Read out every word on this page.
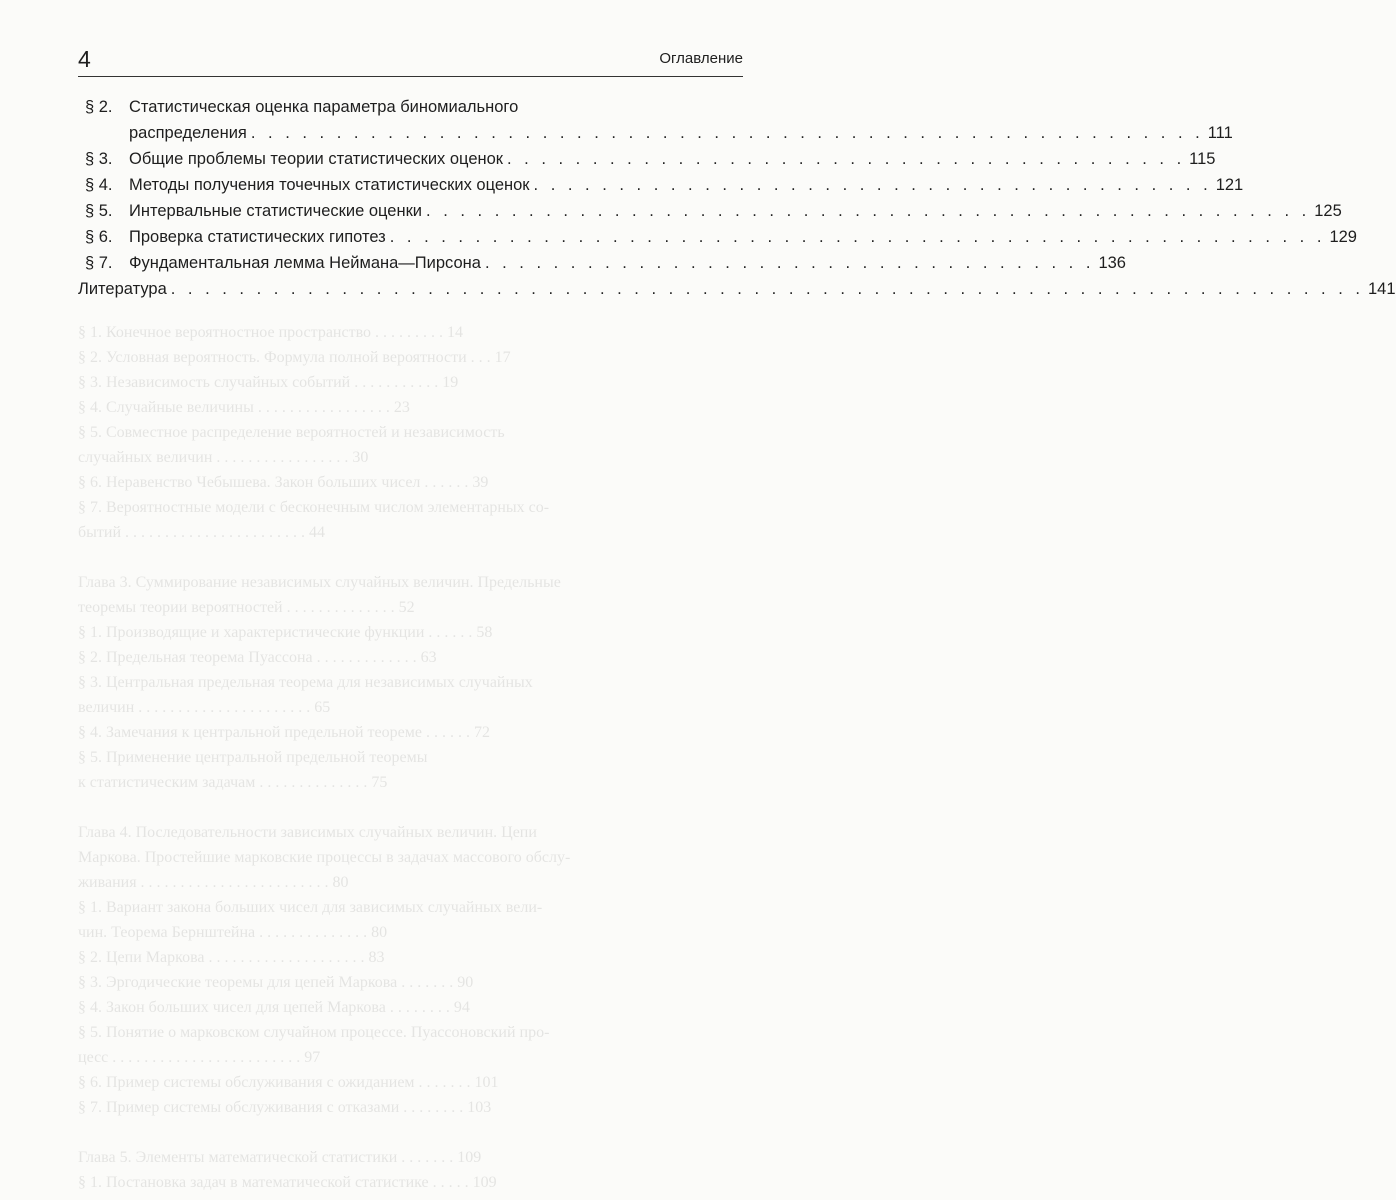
4	Оглавление
§ 1. Конечное вероятностное пространство . . . . . . . . . 14
§ 2. Условная вероятность. Формула полной вероятности . . . 17
§ 3. Независимость случайных событий . . . . . . . . . . . 19
§ 4. Случайные величины . . . . . . . . . . . . . . . . . 23
§ 5. Совместное распределение вероятностей и независимость
случайных величин . . . . . . . . . . . . . . . . . 30
§ 6. Неравенство Чебышева. Закон больших чисел . . . . . . 39
§ 7. Вероятностные модели с бесконечным числом элементарных со-
бытий . . . . . . . . . . . . . . . . . . . . . . . 44

Глава 3. Суммирование независимых случайных величин. Предельные
теоремы теории вероятностей . . . . . . . . . . . . . . 52
§ 1. Производящие и характеристические функции . . . . . . 58
§ 2. Предельная теорема Пуассона . . . . . . . . . . . . . 63
§ 3. Центральная предельная теорема для независимых случайных
величин . . . . . . . . . . . . . . . . . . . . . . 65
§ 4. Замечания к центральной предельной теореме . . . . . . 72
§ 5. Применение центральной предельной теоремы
к статистическим задачам . . . . . . . . . . . . . . 75

Глава 4. Последовательности зависимых случайных величин. Цепи
Маркова. Простейшие марковские процессы в задачах массового обслу-
живания . . . . . . . . . . . . . . . . . . . . . . . . 80
§ 1. Вариант закона больших чисел для зависимых случайных вели-
чин. Теорема Бернштейна . . . . . . . . . . . . . . 80
§ 2. Цепи Маркова . . . . . . . . . . . . . . . . . . . . 83
§ 3. Эргодические теоремы для цепей Маркова . . . . . . . 90
§ 4. Закон больших чисел для цепей Маркова . . . . . . . . 94
§ 5. Понятие о марковском случайном процессе. Пуассоновский про-
цесс . . . . . . . . . . . . . . . . . . . . . . . . 97
§ 6. Пример системы обслуживания с ожиданием . . . . . . . 101
§ 7. Пример системы обслуживания с отказами . . . . . . . . 103

Глава 5. Элементы математической статистики . . . . . . . 109
§ 1. Постановка задач в математической статистике . . . . . 109
§ 2. Статистическая оценка параметра биномиального
распределения . . . . . . . . . . . . . . . . . . . . . . . . . . . . . . . . . . . . . . . . . . . . . . . . . . . . . . . . 111
§ 3. Общие проблемы теории статистических оценок . . . . . . . . . . . . . . . . . . . . . . . . . . . . . . . . . . . . . . . . 115
§ 4. Методы получения точечных статистических оценок . . . . . . . . . . . . . . . . . . . . . . . . . . . . . . . . . . . . . . . . 121
§ 5. Интервальные статистические оценки . . . . . . . . . . . . . . . . . . . . . . . . . . . . . . . . . . . . . . . . . . . . . . . . . . . . 125
§ 6. Проверка статистических гипотез . . . . . . . . . . . . . . . . . . . . . . . . . . . . . . . . . . . . . . . . . . . . . . . . . . . . . . . 129
§ 7. Фундаментальная лемма Неймана—Пирсона . . . . . . . . . . . . . . . . . . . . . . . . . . . . . . . . . . . . 136
Литература . . . . . . . . . . . . . . . . . . . . . . . . . . . . . . . . . . . . . . . . . . . . . . . . . . . . . . . . . . . . . . . . . . . . . . 141
